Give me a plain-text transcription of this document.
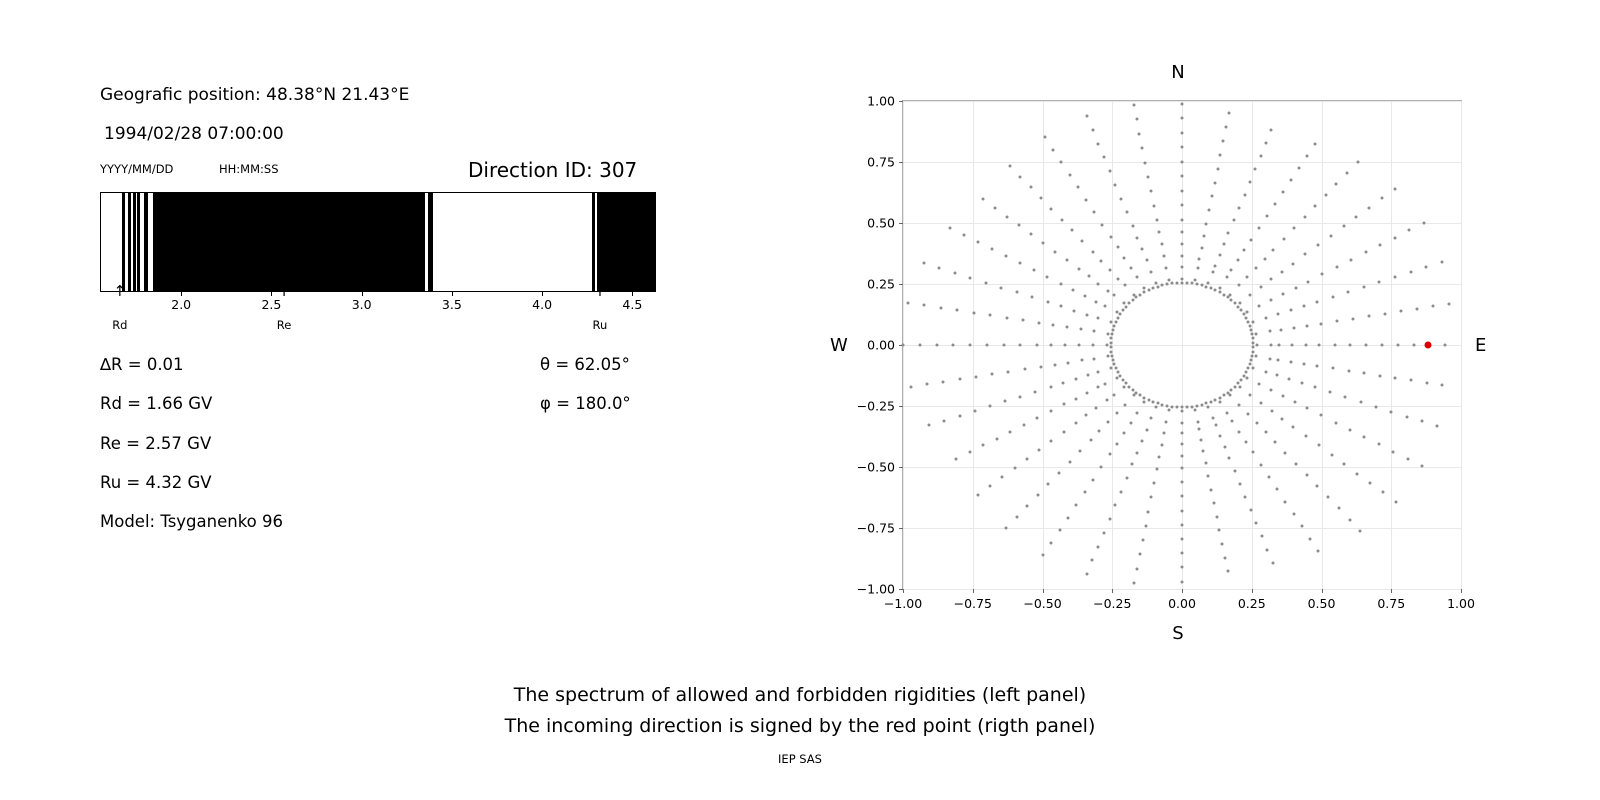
Geografic position: 48.38°N 21.43°E
1994/02/28 07:00:00
YYYY/MM/DD	HH:MM:SS	Direction ID: 307
2.0	2.5	3.0	3.5	4.0	4.5
↑
Rd
↑
Re
↑
Ru
∆R = 0.01
Rd = 1.66 GV
Re = 2.57 GV
Ru = 4.32 GV
Model: Tsyganenko 96
θ = 62.05°
φ = 180.0°
N
S
W	E
−1.00	−0.75	−0.50	−0.25	0.00	0.25	0.50	0.75	1.00
−1.00
−0.75
−0.50
−0.25
0.00
0.25
0.50
0.75
1.00
The spectrum of allowed and forbidden rigidities (left panel)
The incoming direction is signed by the red point (rigth panel)
IEP SAS
